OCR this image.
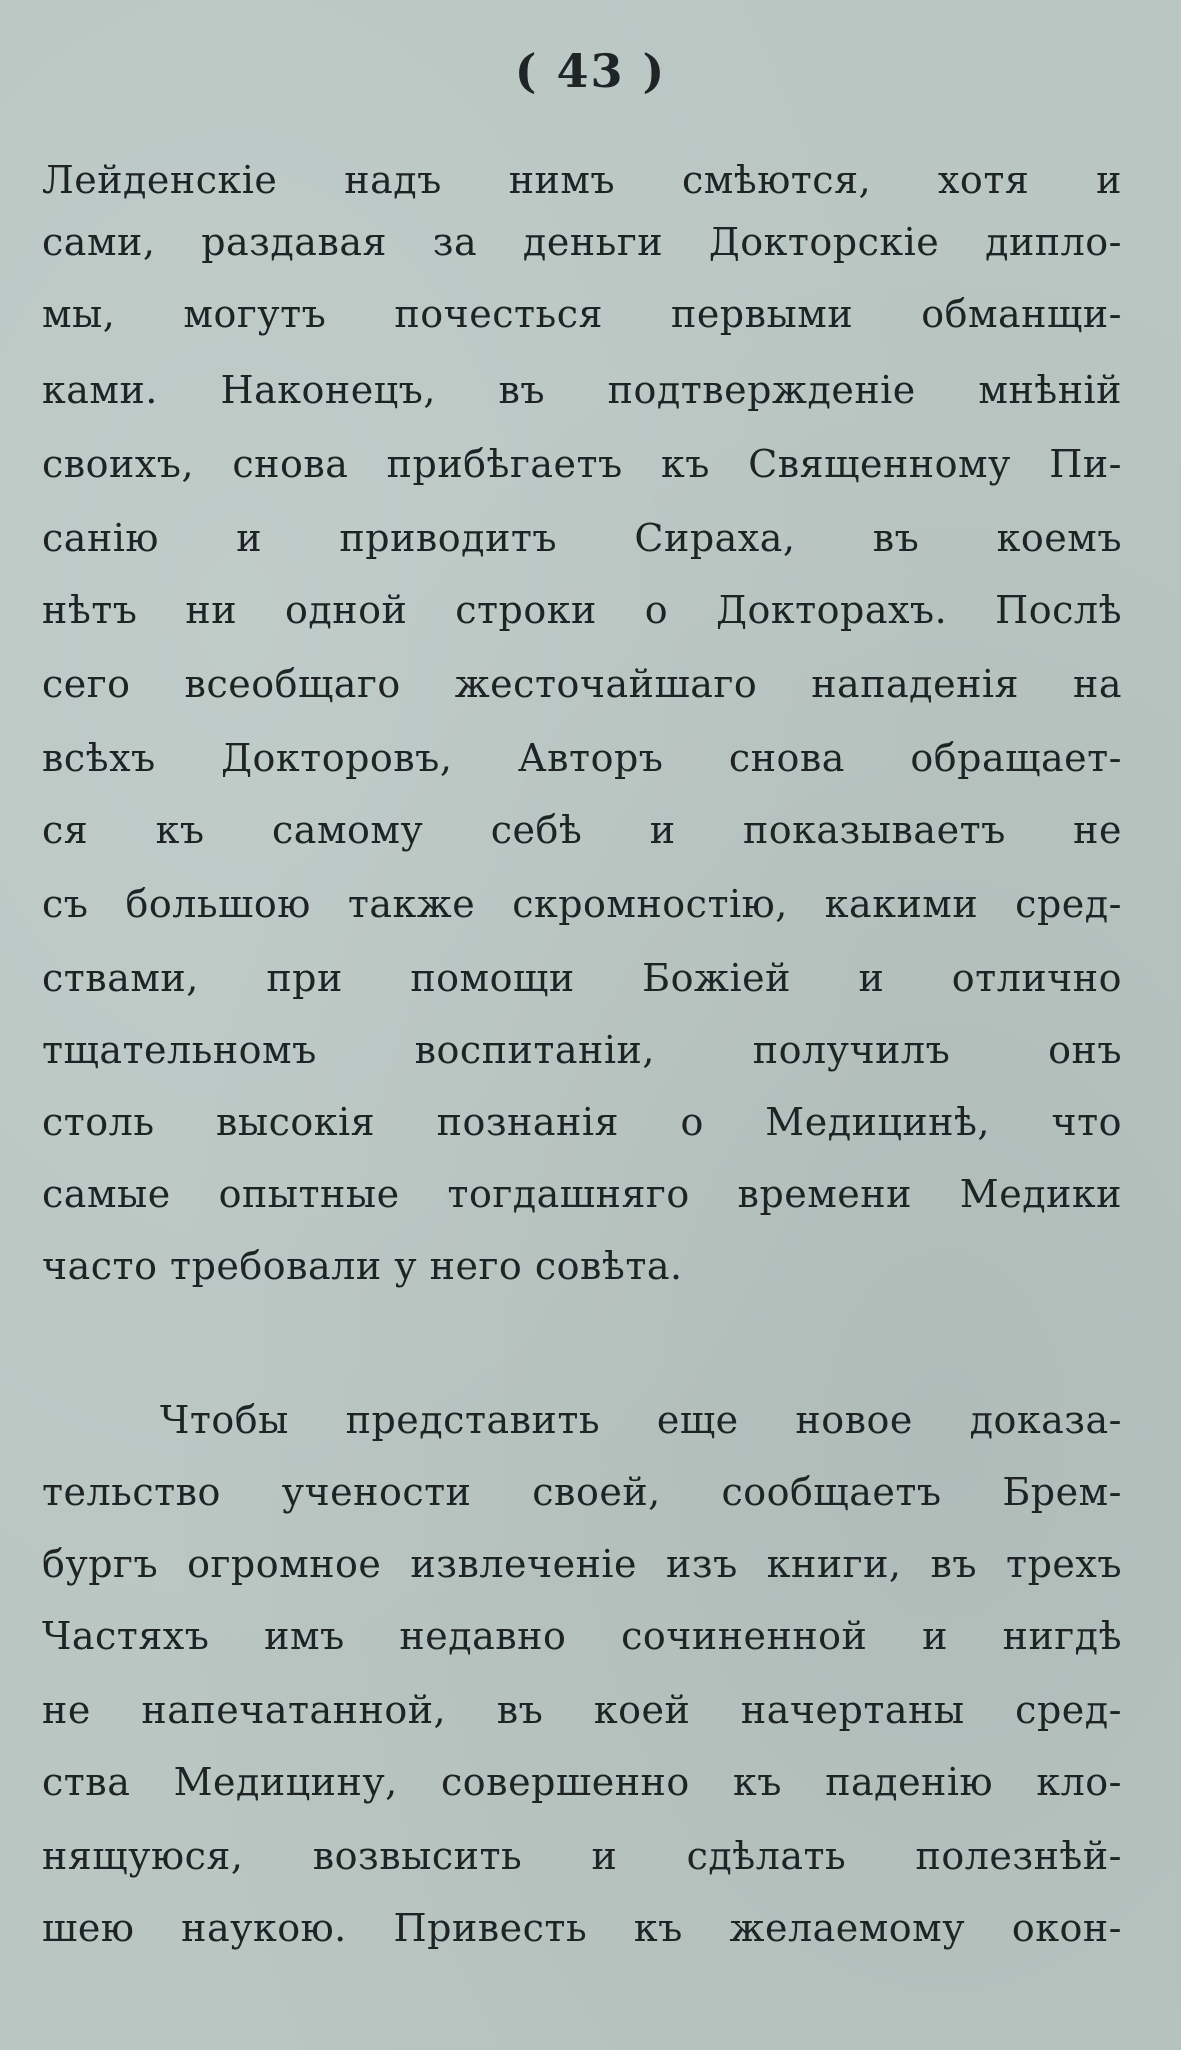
( 43 )
Лейденскіе надъ нимъ смѣются, хотя и
сами, раздавая за деньги Докторскіе дипло-
мы, могутъ почесться первыми обманщи-
ками. Наконецъ, въ подтвержденіе мнѣній
своихъ, снова прибѣгаетъ къ Священному Пи-
санію и приводитъ Сираха, въ коемъ
нѣтъ ни одной строки о Докторахъ. Послѣ
сего всеобщаго жесточайшаго нападенія на
всѣхъ Докторовъ, Авторъ снова обращает-
ся къ самому себѣ и показываетъ не
съ большою также скромностію, какими сред-
ствами, при помощи Божіей и отлично
тщательномъ воспитаніи, получилъ онъ
столь высокія познанія о Медицинѣ, что
самые опытные тогдашняго времени Медики
часто требовали у него совѣта.
Чтобы представить еще новое доказа-
тельство учености своей, сообщаетъ Брем-
бургъ огромное извлеченіе изъ книги, въ трехъ
Частяхъ имъ недавно сочиненной и нигдѣ
не напечатанной, въ коей начертаны сред-
ства Медицину, совершенно къ паденію кло-
нящуюся, возвысить и сдѣлать полезнѣй-
шею наукою. Привесть къ желаемому окон-
